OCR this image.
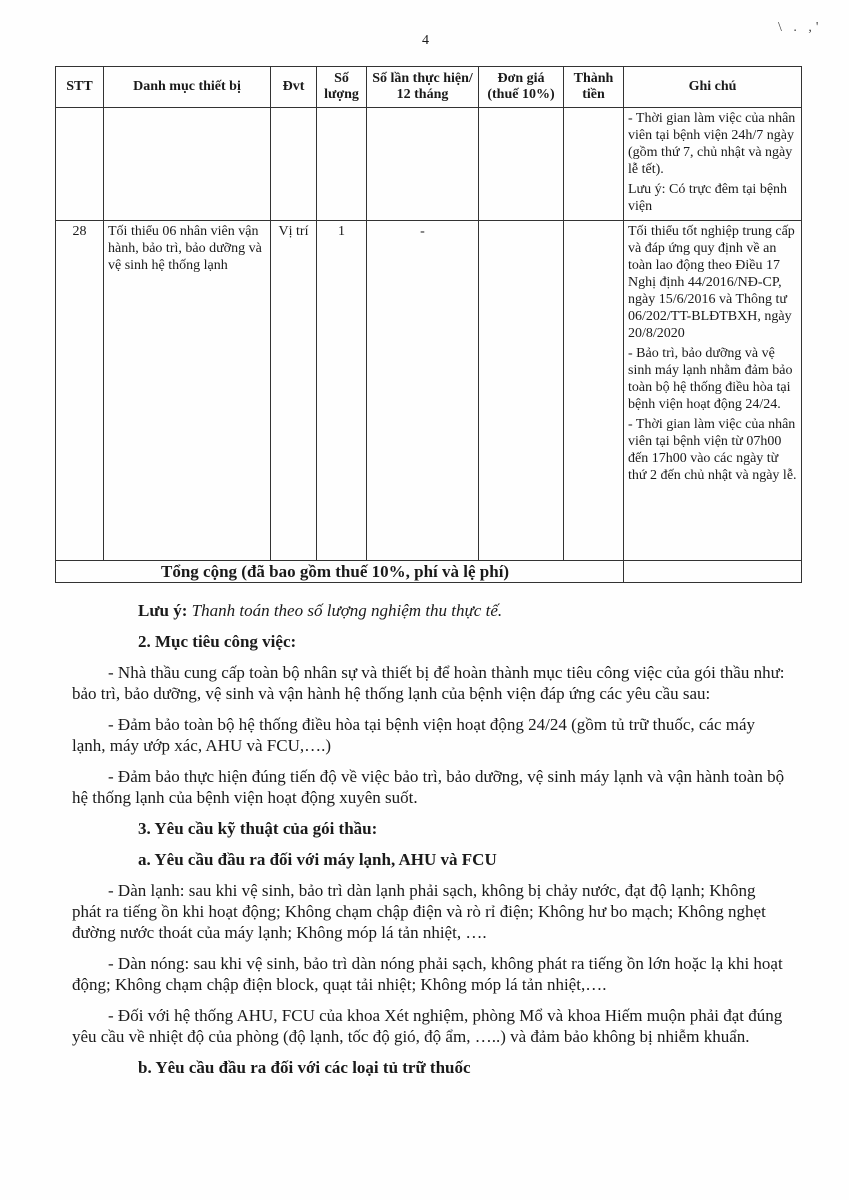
4
\ . ,'
STT	Danh mục thiết bị	Đvt	Số lượng	Số lần thực hiện/ 12 tháng	Đơn giá (thuế 10%)	Thành tiền	Ghi chú

							- Thời gian làm việc của nhân viên tại bệnh viện 24h/7 ngày (gồm thứ 7, chủ nhật và ngày lễ tết).
Lưu ý: Có trực đêm tại bệnh viện

28	Tối thiểu 06 nhân viên vận hành, bảo trì, bảo dưỡng và vệ sinh hệ thống lạnh	Vị trí	1	-			Tối thiểu tốt nghiệp trung cấp và đáp ứng quy định về an toàn lao động theo Điều 17 Nghị định 44/2016/NĐ-CP, ngày 15/6/2016 và Thông tư 06/202/TT-BLĐTBXH, ngày 20/8/2020
- Bảo trì, bảo dưỡng và vệ sinh máy lạnh nhằm đảm bảo toàn bộ hệ thống điều hòa tại bệnh viện hoạt động 24/24.
- Thời gian làm việc của nhân viên tại bệnh viện từ 07h00 đến 17h00 vào các ngày từ thứ 2 đến chủ nhật và ngày lễ.

Tổng cộng (đã bao gồm thuế 10%, phí và lệ phí)							

Lưu ý: Thanh toán theo số lượng nghiệm thu thực tế.

2. Mục tiêu công việc:

- Nhà thầu cung cấp toàn bộ nhân sự và thiết bị để hoàn thành mục tiêu công việc của gói thầu như: bảo trì, bảo dưỡng, vệ sinh và vận hành hệ thống lạnh của bệnh viện đáp ứng các yêu cầu sau:

- Đảm bảo toàn bộ hệ thống điều hòa tại bệnh viện hoạt động 24/24 (gồm tủ trữ thuốc, các máy lạnh, máy ướp xác, AHU và FCU,….)

- Đảm bảo thực hiện đúng tiến độ về việc bảo trì, bảo dưỡng, vệ sinh máy lạnh và vận hành toàn bộ hệ thống lạnh của bệnh viện hoạt động xuyên suốt.

3. Yêu cầu kỹ thuật của gói thầu:

a. Yêu cầu đầu ra đối với máy lạnh, AHU và FCU

- Dàn lạnh: sau khi vệ sinh, bảo trì dàn lạnh phải sạch, không bị chảy nước, đạt độ lạnh; Không phát ra tiếng ồn khi hoạt động; Không chạm chập điện và rò rỉ điện; Không hư bo mạch; Không nghẹt đường nước thoát của máy lạnh; Không móp lá tản nhiệt, ….

- Dàn nóng: sau khi vệ sinh, bảo trì dàn nóng phải sạch, không phát ra tiếng ồn lớn hoặc lạ khi hoạt động; Không chạm chập điện block, quạt tải nhiệt; Không móp lá tản nhiệt,….

- Đối với hệ thống AHU, FCU của khoa Xét nghiệm, phòng Mổ và khoa Hiếm muộn phải đạt đúng yêu cầu về nhiệt độ của phòng (độ lạnh, tốc độ gió, độ ẩm, …..) và đảm bảo không bị nhiễm khuẩn.

b. Yêu cầu đầu ra đối với các loại tủ trữ thuốc
